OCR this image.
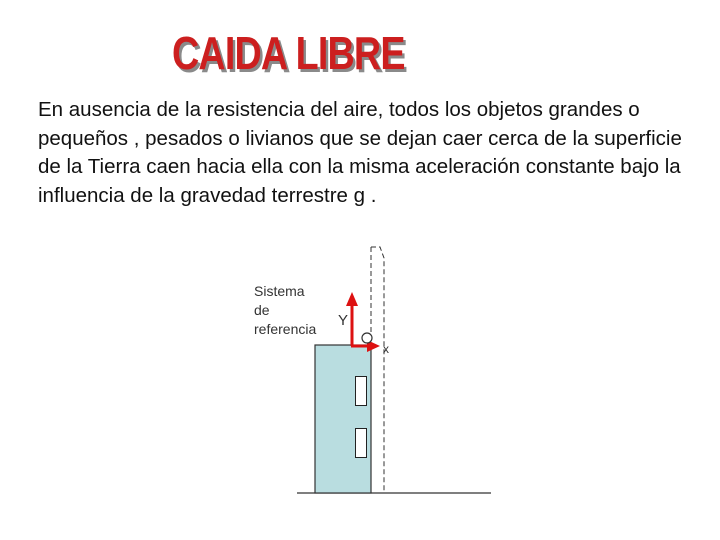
CAIDA LIBRE
En ausencia de la resistencia del aire, todos los objetos grandes o pequeños , pesados o livianos que se dejan caer cerca de la superficie de la Tierra caen hacia ella con la misma aceleración constante bajo la influencia de la gravedad terrestre g .
Sistema
de
referencia Y
x
